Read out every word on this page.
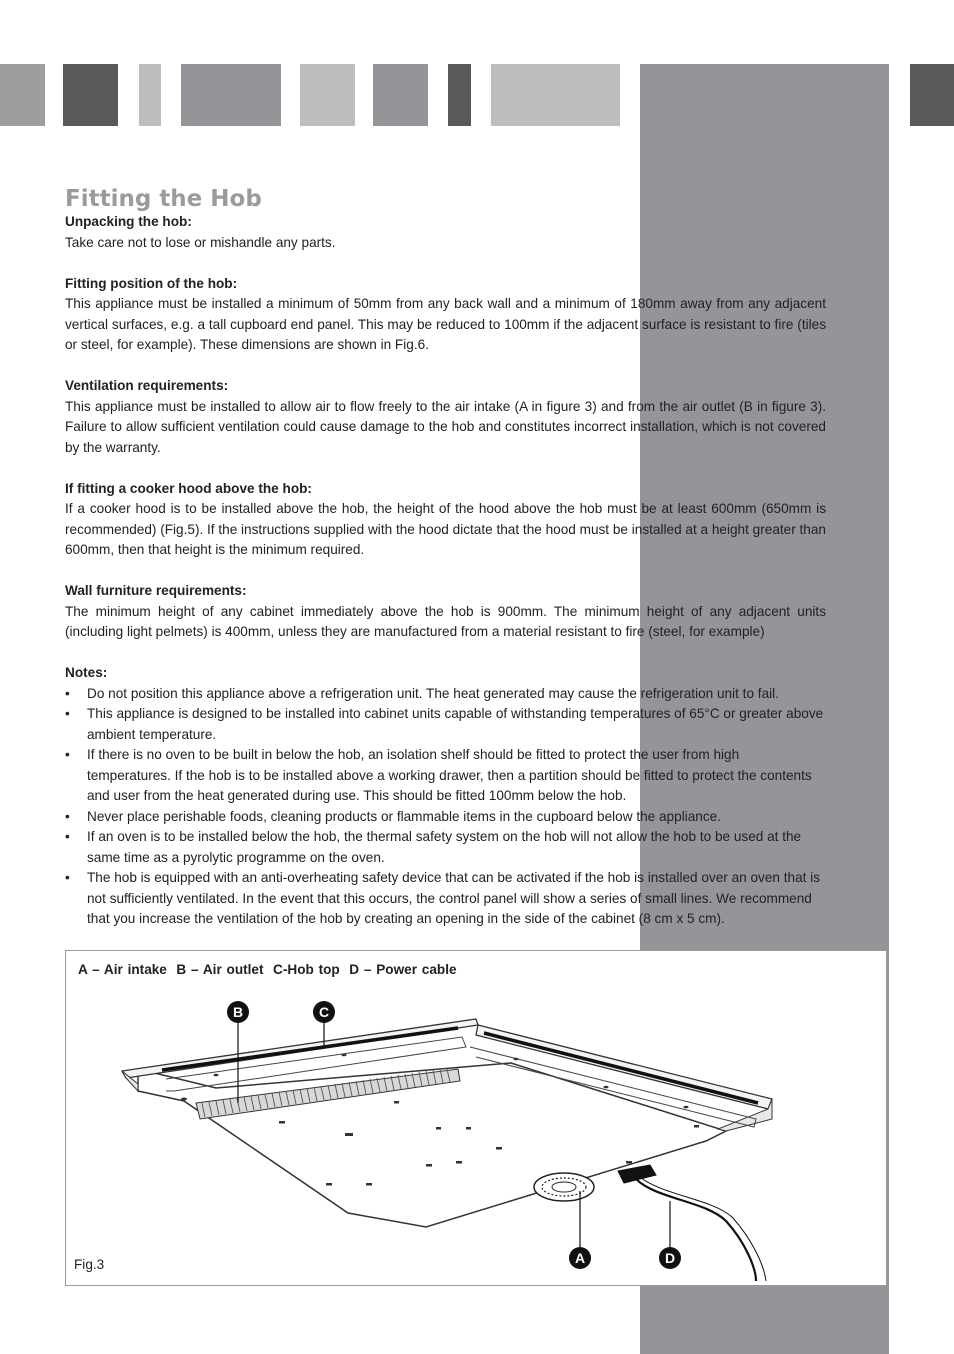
Fitting the Hob

Unpacking the hob:

Take care not to lose or mishandle any parts.

Fitting position of the hob:

This appliance must be installed a minimum of 50mm from any back wall and a minimum of 180mm away from any adjacent vertical surfaces, e.g. a tall cupboard end panel. This may be reduced to 100mm if the adjacent surface is resistant to fire (tiles or steel, for example). These dimensions are shown in Fig.6.

Ventilation requirements:

This appliance must be installed to allow air to flow freely to the air intake (A in figure 3) and from the air outlet (B in figure 3). Failure to allow sufficient ventilation could cause damage to the hob and constitutes incorrect installation, which is not covered by the warranty.

If fitting a cooker hood above the hob:

If a cooker hood is to be installed above the hob, the height of the hood above the hob must be at least 600mm (650mm is recommended) (Fig.5). If the instructions supplied with the hood dictate that the hood must be installed at a height greater than 600mm, then that height is the minimum required.

Wall furniture requirements:

The minimum height of any cabinet immediately above the hob is 900mm. The minimum height of any adjacent units (including light pelmets) is 400mm, unless they are manufactured from a material resistant to fire (steel, for example)

Notes:

• Do not position this appliance above a refrigeration unit. The heat generated may cause the refrigeration unit to fail.
• This appliance is designed to be installed into cabinet units capable of withstanding temperatures of 65°C or greater above ambient temperature.
• If there is no oven to be built in below the hob, an isolation shelf should be fitted to protect the user from high temperatures. If the hob is to be installed above a working drawer, then a partition should be fitted to protect the contents and user from the heat generated during use. This should be fitted 100mm below the hob.
• Never place perishable foods, cleaning products or flammable items in the cupboard below the appliance.
• If an oven is to be installed below the hob, the thermal safety system on the hob will not allow the hob to be used at the same time as a pyrolytic programme on the oven.
• The hob is equipped with an anti-overheating safety device that can be activated if the hob is installed over an oven that is not sufficiently ventilated. In the event that this occurs, the control panel will show a series of small lines. We recommend that you increase the ventilation of the hob by creating an opening in the side of the cabinet (8 cm x 5 cm).
A – Air intake  B – Air outlet  C-Hob top  D – Power cable
B	C
A	D
Fig.3
